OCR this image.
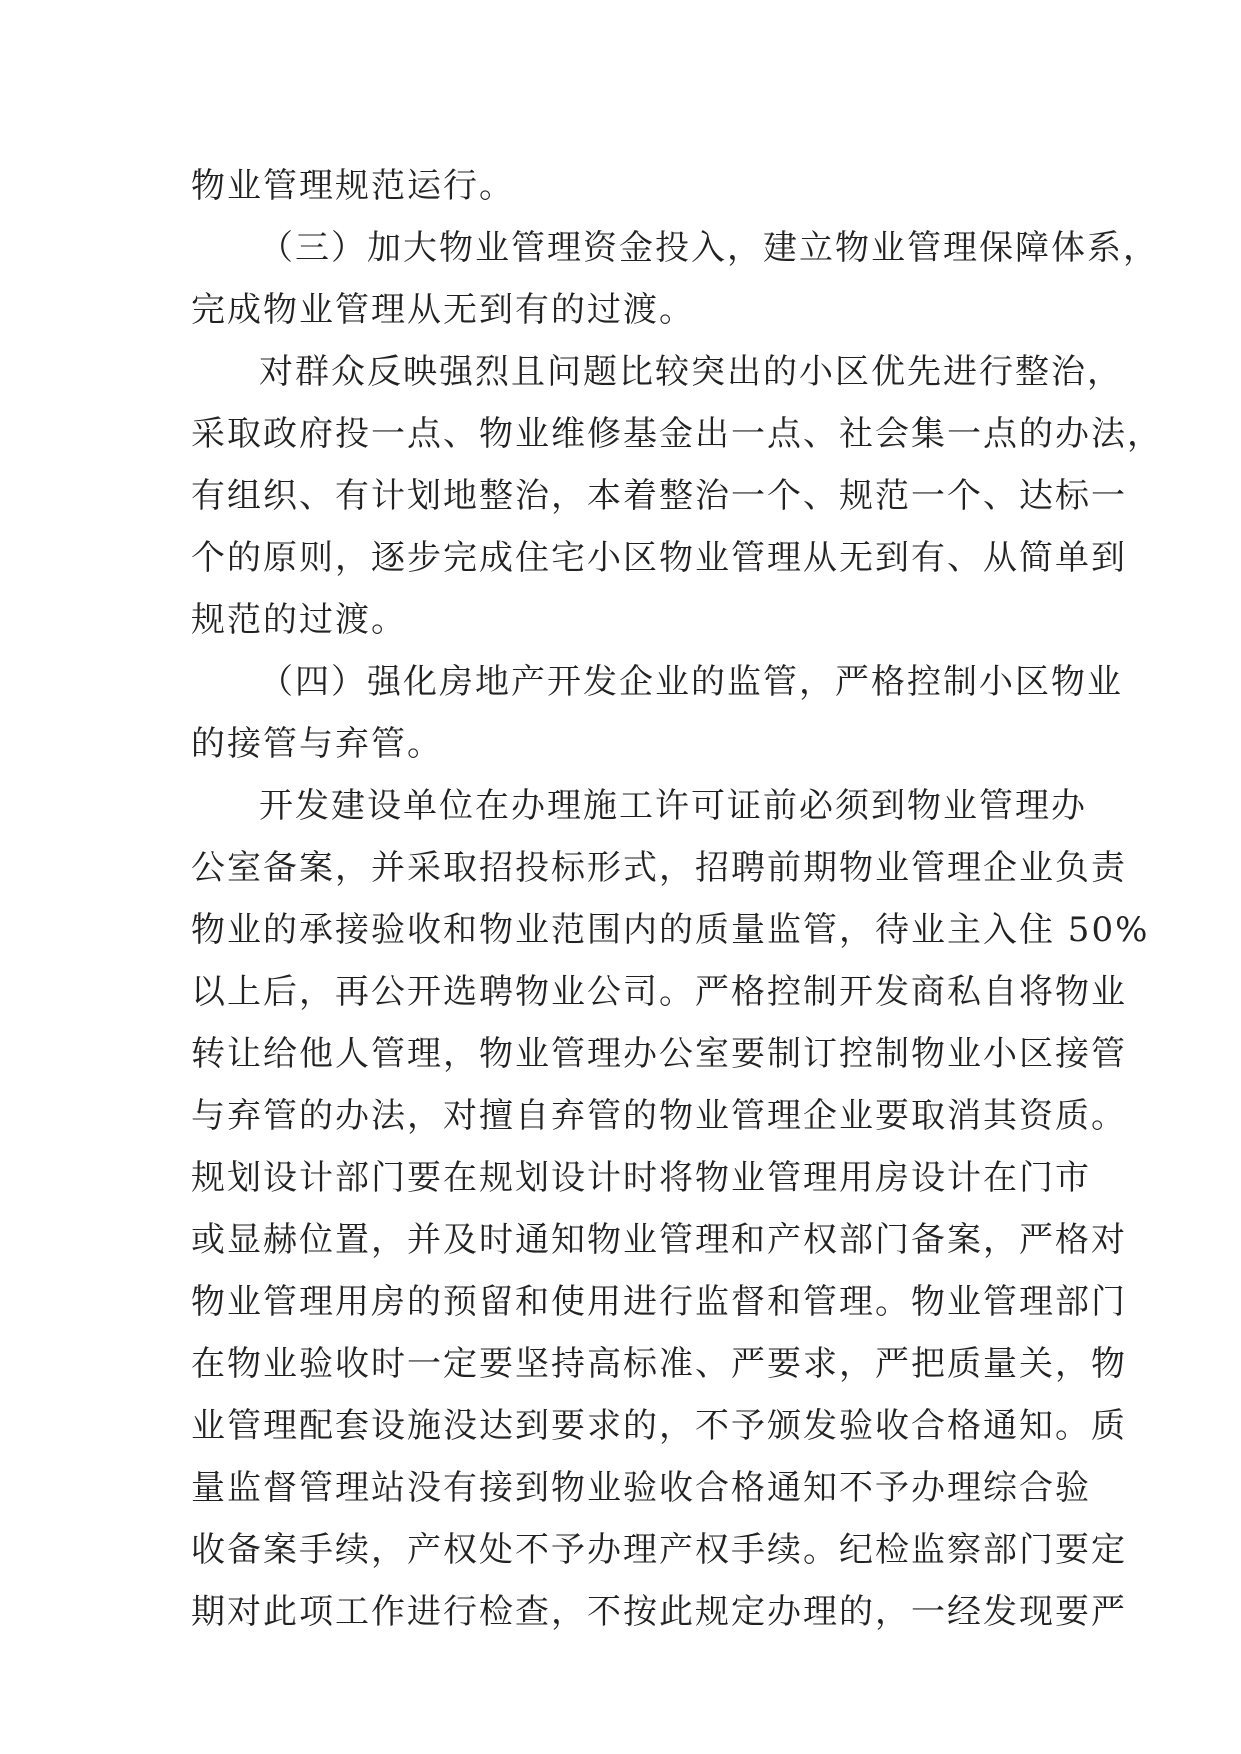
物业管理规范运行。
（三）加大物业管理资金投入，建立物业管理保障体系，
完成物业管理从无到有的过渡。
对群众反映强烈且问题比较突出的小区优先进行整治，
采取政府投一点、物业维修基金出一点、社会集一点的办法，
有组织、有计划地整治，本着整治一个、规范一个、达标一
个的原则，逐步完成住宅小区物业管理从无到有、从简单到
规范的过渡。
（四）强化房地产开发企业的监管，严格控制小区物业
的接管与弃管。
开发建设单位在办理施工许可证前必须到物业管理办
公室备案，并采取招投标形式，招聘前期物业管理企业负责
物业的承接验收和物业范围内的质量监管，待业主入住 50%
以上后，再公开选聘物业公司。严格控制开发商私自将物业
转让给他人管理，物业管理办公室要制订控制物业小区接管
与弃管的办法，对擅自弃管的物业管理企业要取消其资质。
规划设计部门要在规划设计时将物业管理用房设计在门市
或显赫位置，并及时通知物业管理和产权部门备案，严格对
物业管理用房的预留和使用进行监督和管理。物业管理部门
在物业验收时一定要坚持高标准、严要求，严把质量关，物
业管理配套设施没达到要求的，不予颁发验收合格通知。质
量监督管理站没有接到物业验收合格通知不予办理综合验
收备案手续，产权处不予办理产权手续。纪检监察部门要定
期对此项工作进行检查，不按此规定办理的，一经发现要严
